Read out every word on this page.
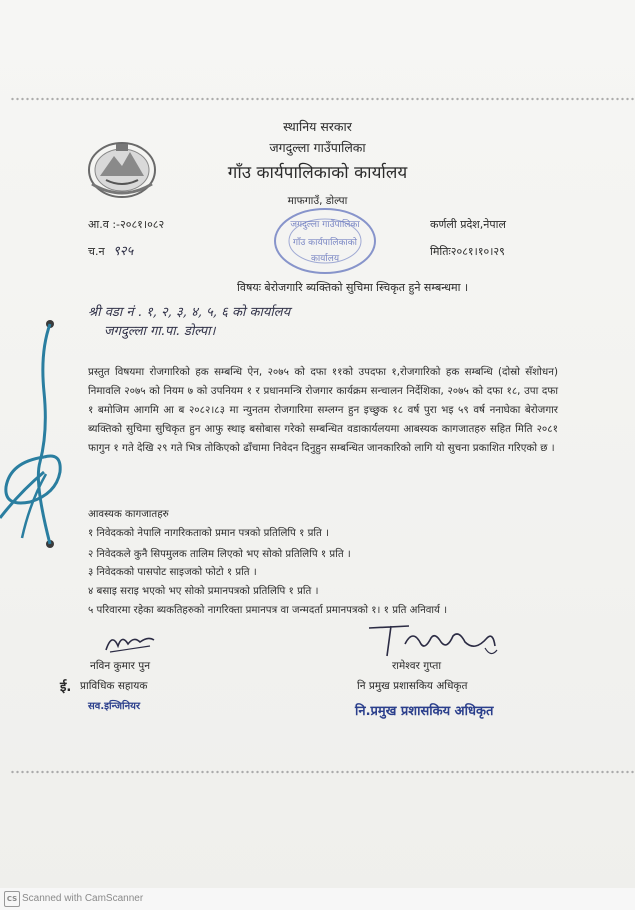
स्थानिय सरकार
जगदुल्ला गाउँपालिका
गाँउ कार्यपालिकाको कार्यालय
माफगाउँ, डोल्पा
जगदुल्ला गाउँपालिका
गाँउ कार्यपालिकाको
कार्यालय
आ.व :-२०८१।०८२	कर्णली प्रदेश,नेपाल
च.न ९२५	मितिः२०८१।१०।२९
विषयः बेरोजगारि ब्यक्तिको सुचिमा स्चिकृत हुने सम्बन्धमा ।
श्री वडा नं . १, २, ३, ४, ५, ६ को कार्यालय
जगदुल्ला गा.पा. डोल्पा।
प्रस्तुत विषयमा रोजगारिको हक सम्बन्धि ऐन, २०७५ को दफा ११को उपदफा १,रोजगारिको हक सम्बन्धि (दोस्रो सँशोधन) निमावलि २०७५ को नियम ७ को उपनियम १ र प्रधानमन्त्रि रोजगार कार्यक्रम सन्चालन निर्देशिका, २०७५ को दफा १८, उपा दफा १ बमोजिम आगमि आ ब २०८२।८३ मा न्युनतम रोजगारिमा सम्लग्न हुन इच्छुक १८ वर्ष पुरा भइ ५९ वर्ष ननाघेका बेरोजगार ब्यक्तिको सुचिमा सुचिकृत हुन आफु स्थाइ बसोबास गरेको सम्बन्धित वडाकार्यलयमा आबस्यक कागजातहरु सहित मिति २०८१ फागुन १ गते देखि २९ गते भित्र तोकिएको ढाँचामा निवेदन दिनुहुन सम्बन्धित जानकारिको लागि यो सुचना प्रकाशित गरिएको छ ।
आवस्यक कागजातहरु
१ निवेदकको नेपालि नागरिकताको प्रमान पत्रको प्रतिलिपि १ प्रति ।
२ निवेदकले कुनै सिपमुलक तालिम लिएको भए सोको प्रतिलिपि १ प्रति ।
३ निवेदकको पासपोट साइजको फोटो १ प्रति ।
४ बसाइ सराइ भएको भए सोको प्रमानपत्रको प्रतिलिपि १ प्रति ।
५ परिवारमा रहेका ब्यकतिहरुको नागरिक्ता प्रमानपत्र वा जन्मदर्ता प्रमानपत्रको १। १ प्रति अनिवार्य ।
नविन कुमार पुन
ई. प्राविधिक सहायक
सव.इन्जिनियर
रामेश्वर गुप्ता
नि प्रमुख प्रशासकिय अधिकृत
नि.प्रमुख प्रशासकिय अधिकृत
CS Scanned with CamScanner
